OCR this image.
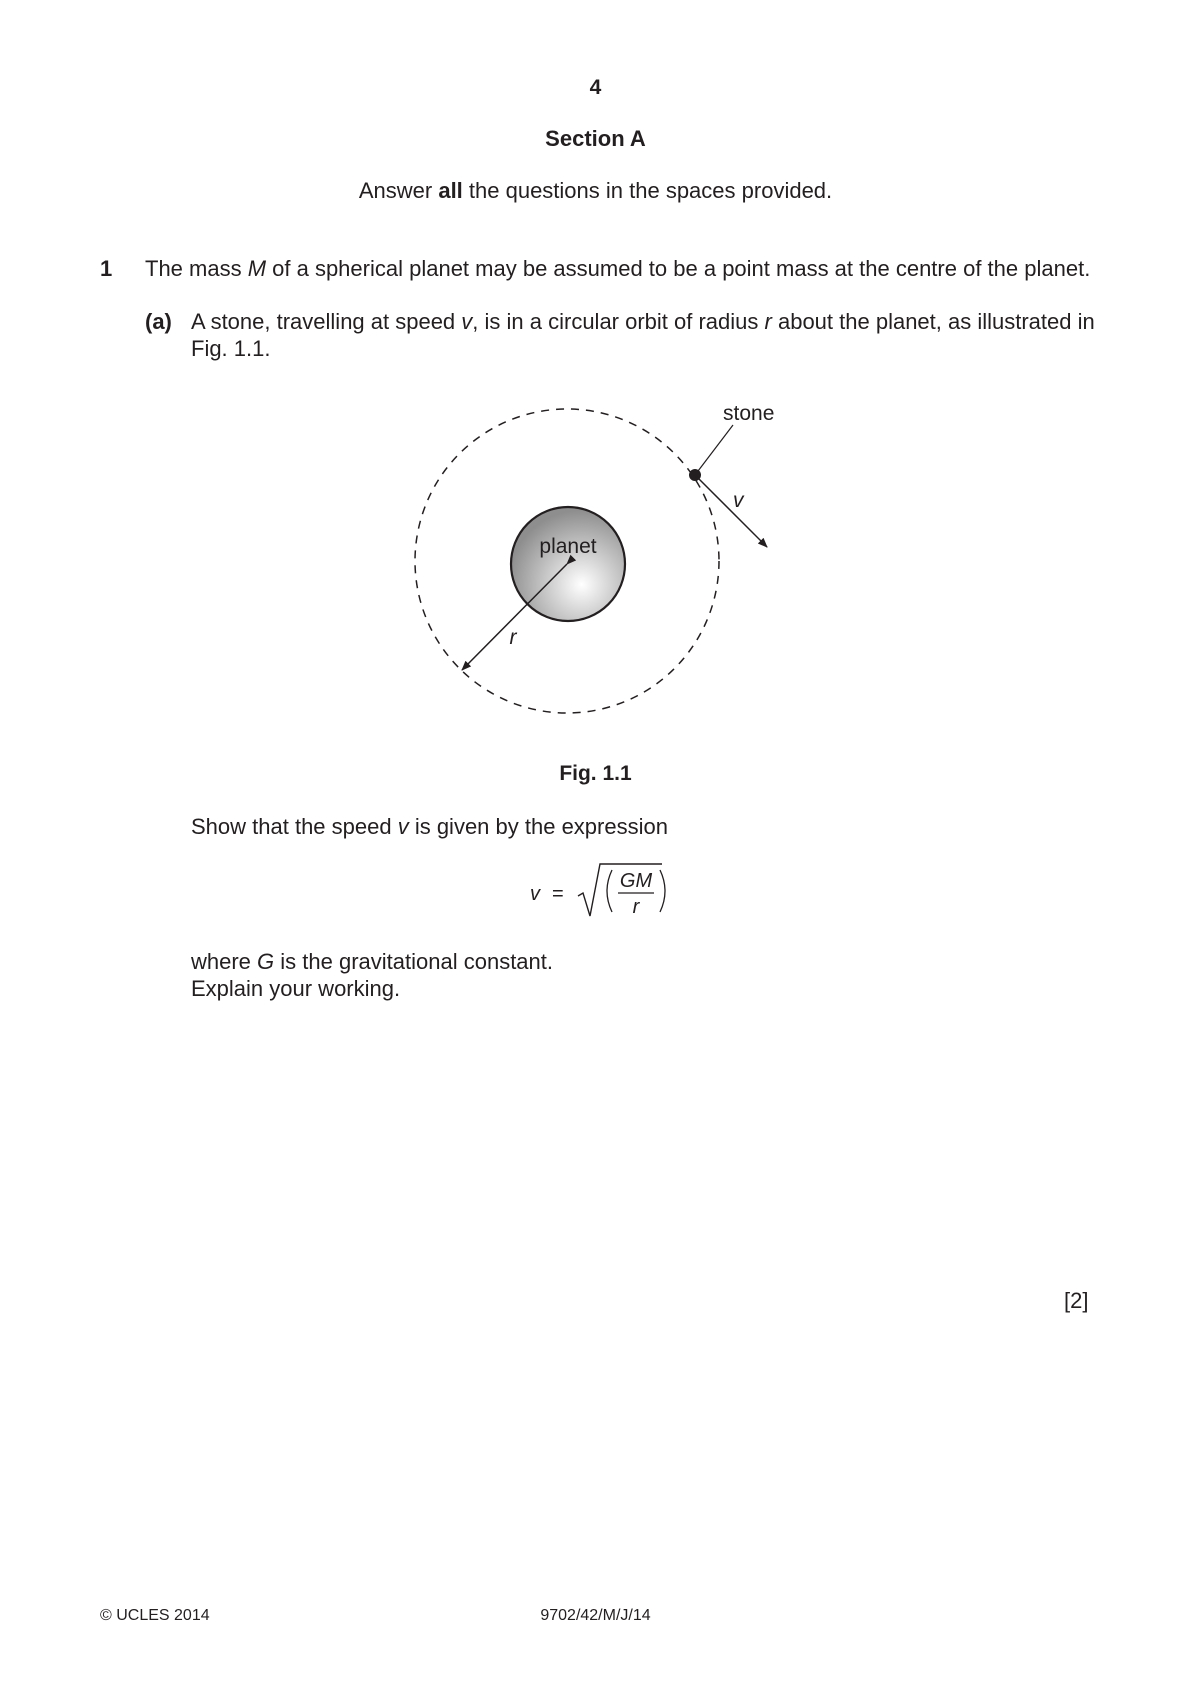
4
Section A
Answer all the questions in the spaces provided.
1 The mass M of a spherical planet may be assumed to be a point mass at the centre of the planet.
(a) A stone, travelling at speed v, is in a circular orbit of radius r about the planet, as illustrated in
Fig. 1.1.
planet
r
stone
v
Fig. 1.1
Show that the speed v is given by the expression
v =
GM
r
where G is the gravitational constant.
Explain your working.
[2]
© UCLES 2014	9702/42/M/J/14
